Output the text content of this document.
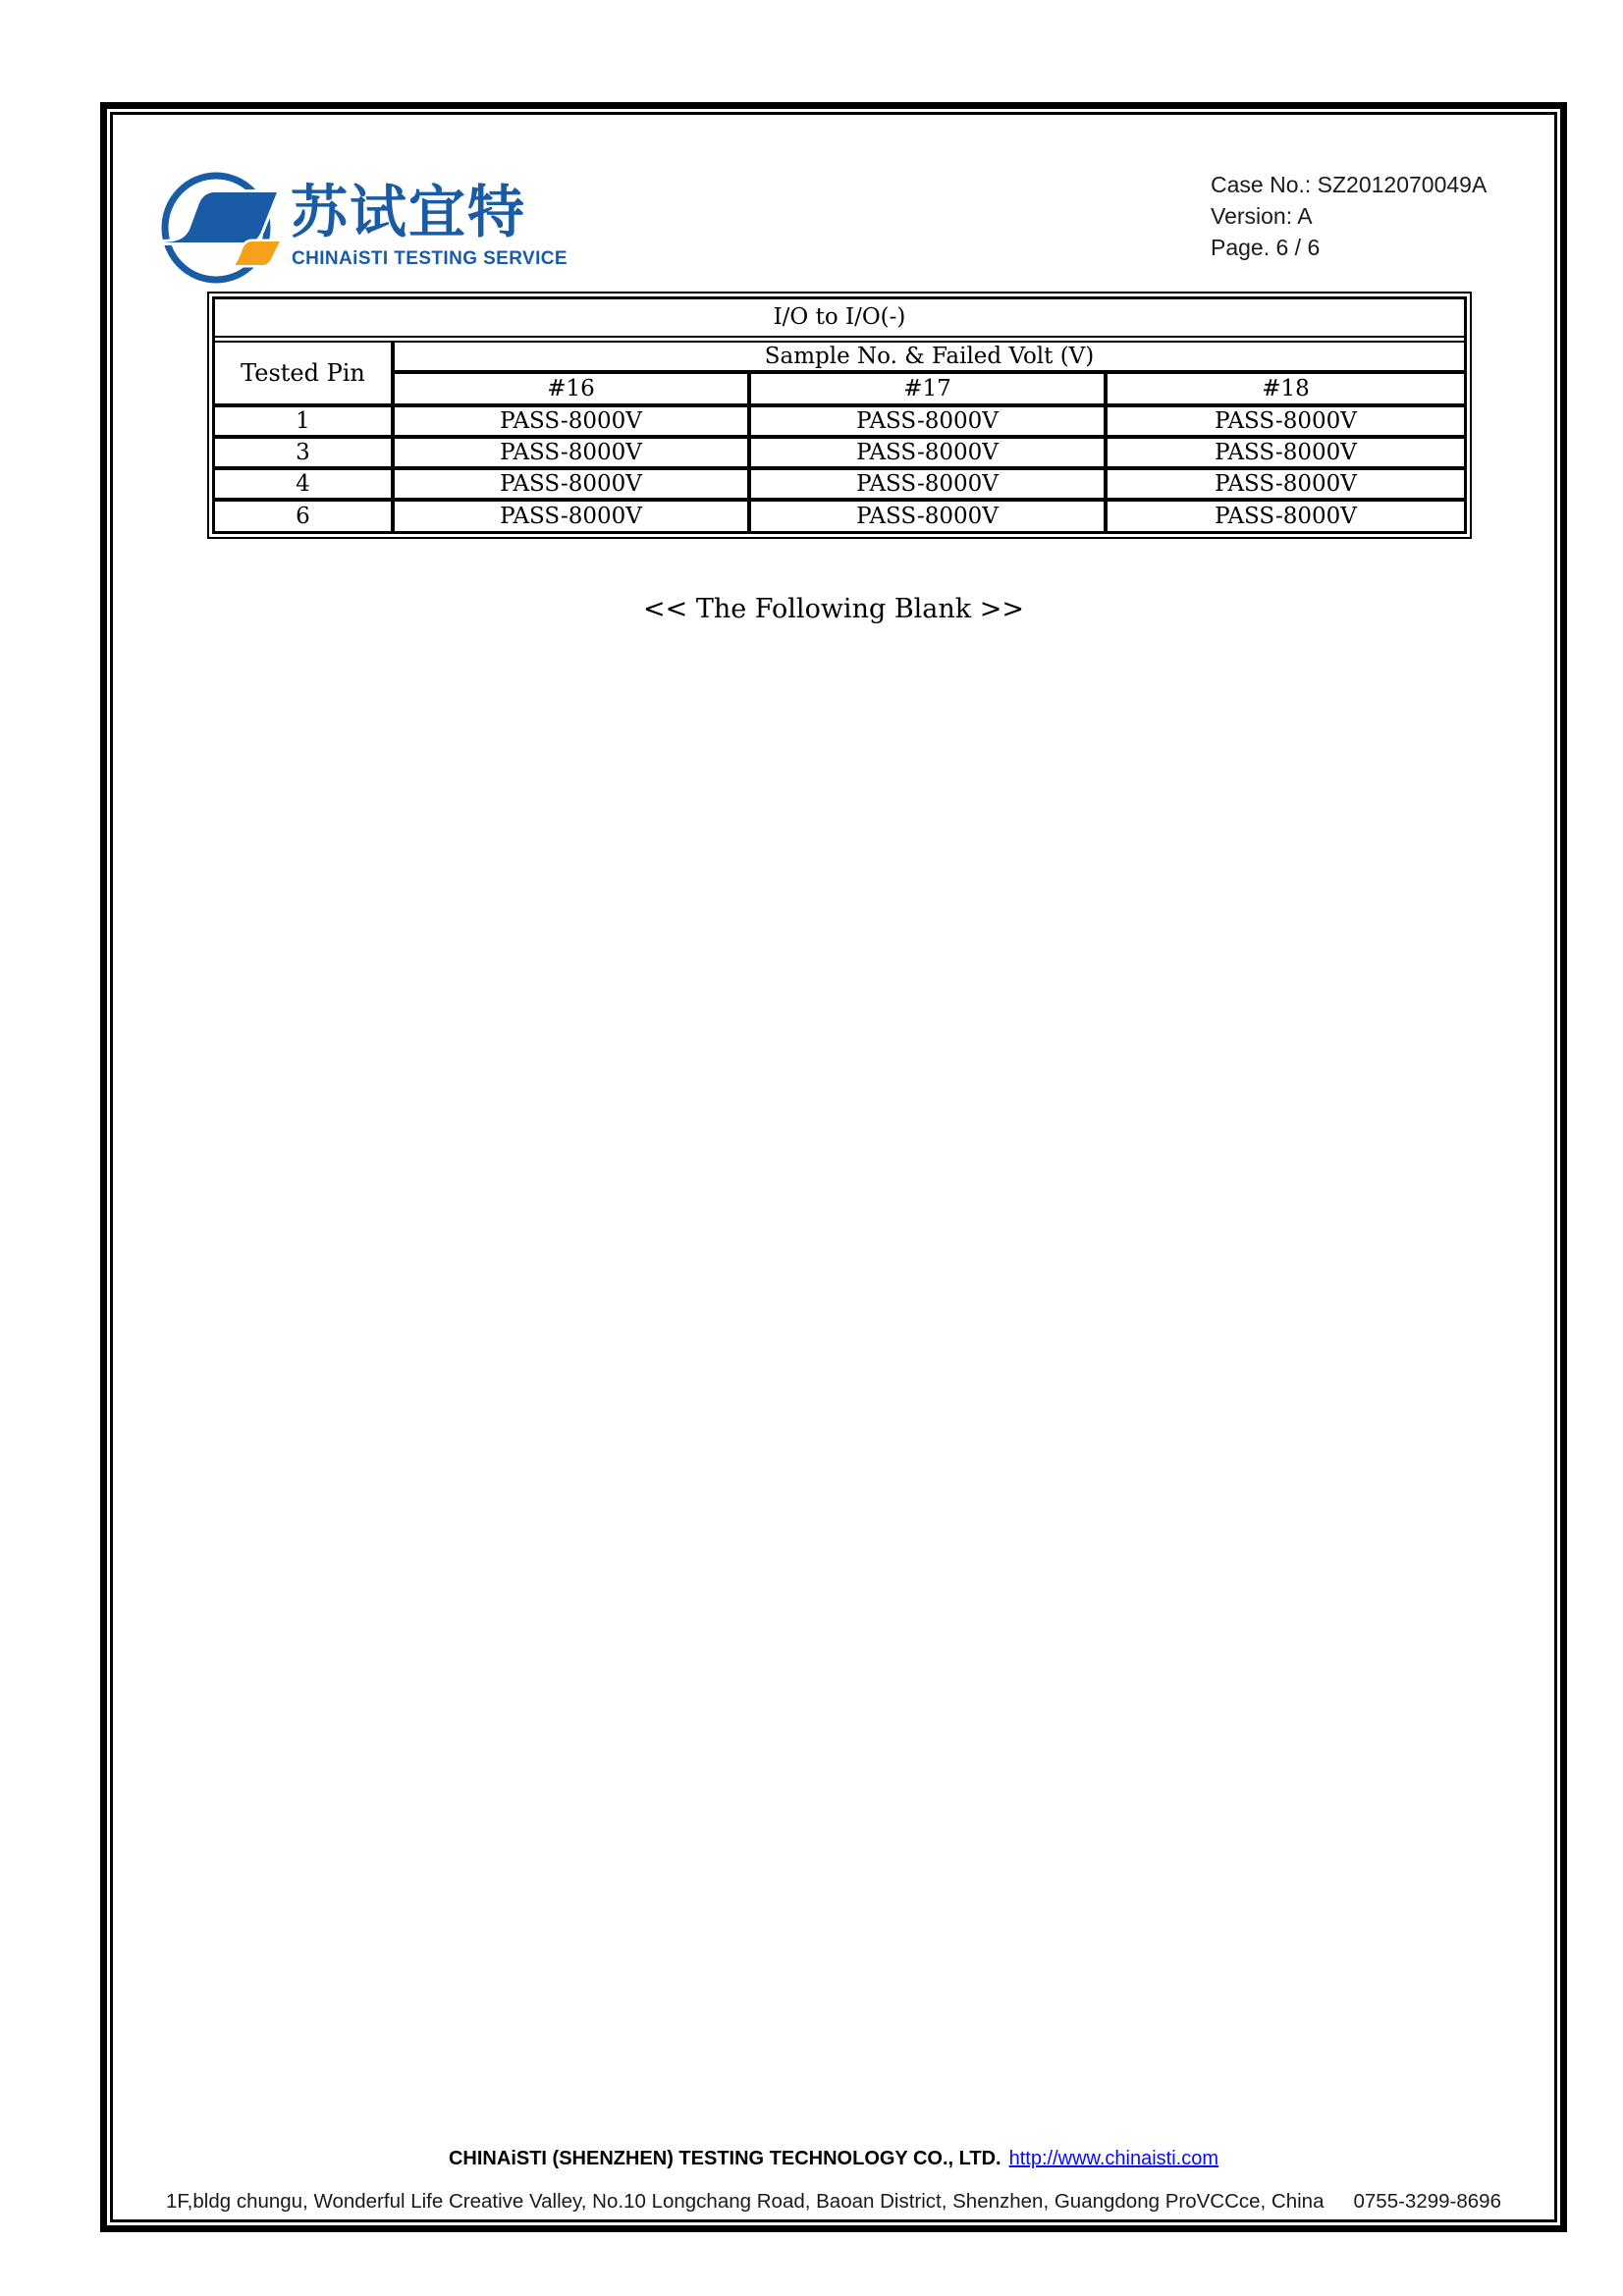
苏试宜特
CHINAiSTI TESTING SERVICE
Case No.: SZ2012070049A
Version: A
Page. 6 / 6
I/O to I/O(-)			
Tested Pin	Sample No. & Failed Volt (V)		
	#16	#17	#18
1	PASS-8000V	PASS-8000V	PASS-8000V
3	PASS-8000V	PASS-8000V	PASS-8000V
4	PASS-8000V	PASS-8000V	PASS-8000V
6	PASS-8000V	PASS-8000V	PASS-8000V
<< The Following Blank >>
CHINAiSTI (SHENZHEN) TESTING TECHNOLOGY CO., LTD. http://www.chinaisti.com
1F,bldg chungu, Wonderful Life Creative Valley, No.10 Longchang Road, Baoan District, Shenzhen, Guangdong ProVCCce, China 0755-3299-8696
